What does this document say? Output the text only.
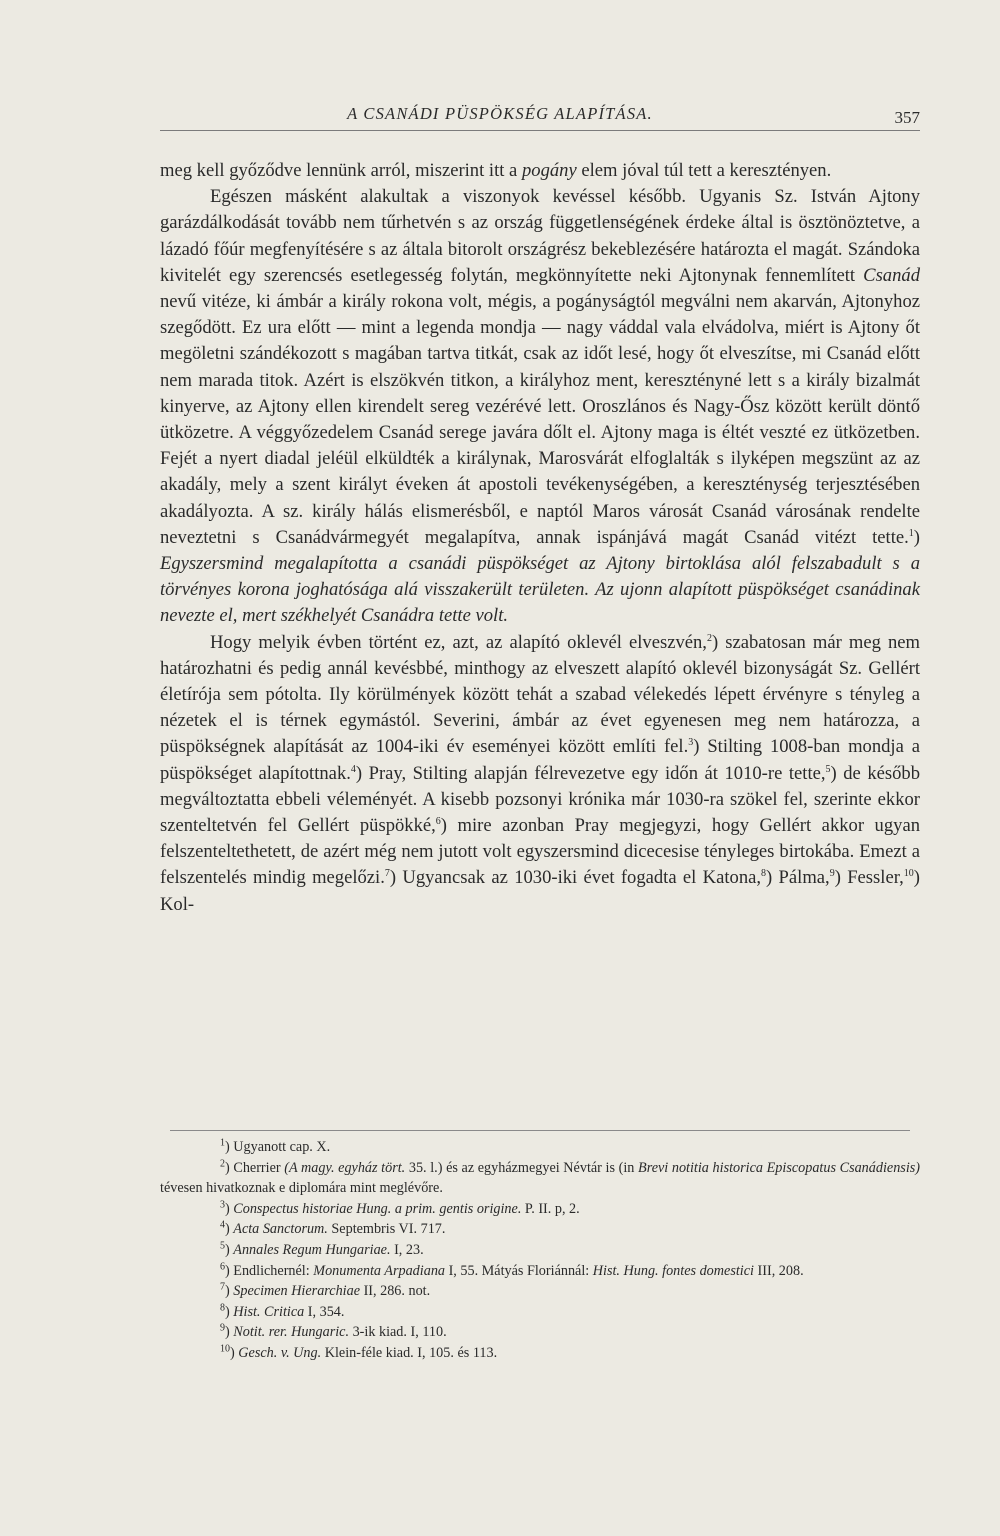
A CSANÁDI PÜSPÖKSÉG ALAPÍTÁSA.	357

meg kell győződve lennünk arról, miszerint itt a pogány elem jóval túl tett a keresztényen.

Egészen másként alakultak a viszonyok kevéssel később. Ugyanis Sz. István Ajtony garázdálkodását tovább nem tűrhetvén s az ország függetlenségének érdeke által is ösztönöztetve, a lázadó főúr megfenyítésére s az általa bitorolt országrész bekeblezésére határozta el magát. Szándoka kivitelét egy szerencsés esetlegesség folytán, megkönnyítette neki Ajtonynak fennemlített Csanád nevű vitéze, ki ámbár a király rokona volt, mégis, a pogányságtól megválni nem akarván, Ajtonyhoz szegődött. Ez ura előtt — mint a legenda mondja — nagy váddal vala elvádolva, miért is Ajtony őt megöletni szándékozott s magában tartva titkát, csak az időt lesé, hogy őt elveszítse, mi Csanád előtt nem marada titok. Azért is elszökvén titkon, a királyhoz ment, keresztényné lett s a király bizalmát kinyerve, az Ajtony ellen kirendelt sereg vezérévé lett. Oroszlános és Nagy-Ősz között került döntő ütközetre. A véggyőzedelem Csanád serege javára dőlt el. Ajtony maga is éltét veszté ez ütközetben. Fejét a nyert diadal jeléül elküldték a királynak, Marosvárát elfoglalták s ilyképen megszünt az az akadály, mely a szent királyt éveken át apostoli tevékenységében, a kereszténység terjesztésében akadályozta. A sz. király hálás elismerésből, e naptól Maros városát Csanád városának rendelte neveztetni s Csanádvármegyét megalapítva, annak ispánjává magát Csanád vitézt tette.$^1$) Egyszersmind megalapította a csanádi püspökséget az Ajtony birtoklása alól felszabadult s a törvényes korona joghatósága alá visszakerült területen. Az ujonn alapított püspökséget csanádinak nevezte el, mert székhelyét Csanádra tette volt.

Hogy melyik évben történt ez, azt, az alapító oklevél elveszvén,$^2$) szabatosan már meg nem határozhatni és pedig annál kevésbbé, minthogy az elveszett alapító oklevél bizonyságát Sz. Gellért életírója sem pótolta. Ily körülmények között tehát a szabad vélekedés lépett érvényre s tényleg a nézetek el is térnek egymástól. Severini, ámbár az évet egyenesen meg nem határozza, a püspökségnek alapítását az 1004-iki év eseményei között említi fel.$^3$) Stilting 1008-ban mondja a püspökséget alapítottnak.$^4$) Pray, Stilting alapján félrevezetve egy időn át 1010-re tette,$^5$) de később megváltoztatta ebbeli véleményét. A kisebb pozsonyi krónika már 1030-ra szökel fel, szerinte ekkor szenteltetvén fel Gellért püspökké,$^6$) mire azonban Pray megjegyzi, hogy Gellért akkor ugyan felszenteltethetett, de azért még nem jutott volt egyszersmind dicecesise tényleges birtokába. Emezt a felszentelés mindig megelőzi.$^7$) Ugyancsak az 1030-iki évet fogadta el Katona,$^8$) Pálma,$^9$) Fessler,$^{10}$) Kol-

$^1$) Ugyanott cap. X.

$^2$) Cherrier (A magy. egyház tört. 35. l.) és az egyházmegyei Névtár is (in Brevi notitia historica Episcopatus Csanádiensis) tévesen hivatkoznak e diplomára mint meglévőre.

$^3$) Conspectus historiae Hung. a prim. gentis origine. P. II. p, 2.

$^4$) Acta Sanctorum. Septembris VI. 717.

$^5$) Annales Regum Hungariae. I, 23.

$^6$) Endlichernél: Monumenta Arpadiana I, 55. Mátyás Floriánnál: Hist. Hung. fontes domestici III, 208.

$^7$) Specimen Hierarchiae II, 286. not.

$^8$) Hist. Critica I, 354.

$^9$) Notit. rer. Hungaric. 3-ik kiad. I, 110.

$^{10}$) Gesch. v. Ung. Klein-féle kiad. I, 105. és 113.
